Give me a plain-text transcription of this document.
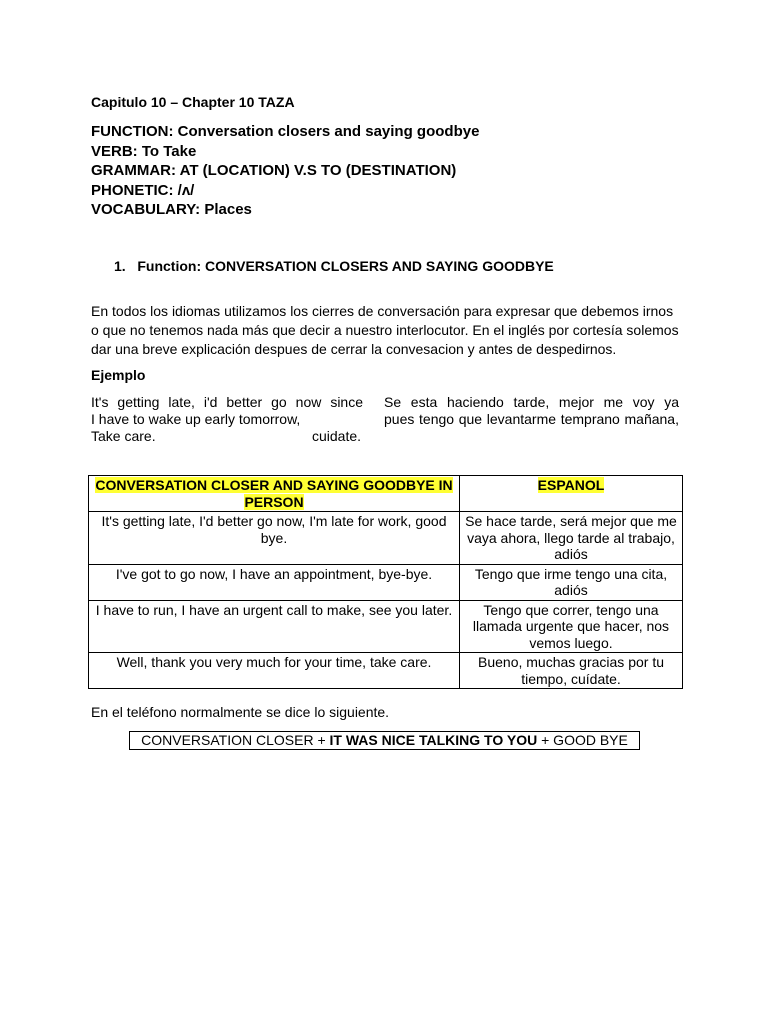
Capitulo 10 – Chapter 10 TAZA
FUNCTION: Conversation closers and saying goodbye
VERB: To Take
GRAMMAR: AT (LOCATION) V.S TO (DESTINATION)
PHONETIC: /ʌ/
VOCABULARY: Places
1. Function: CONVERSATION CLOSERS AND SAYING GOODBYE
En todos los idiomas utilizamos los cierres de conversación para expresar que debemos irnos o que no tenemos nada más que decir a nuestro interlocutor. En el inglés por cortesía solemos dar una breve explicación despues de cerrar la convesacion y antes de despedirnos.
Ejemplo
It's getting late, i'd better go now since
I have to wake up early tomorrow,
Take care.
Se esta haciendo tarde, mejor me voy ya
pues tengo que levantarme temprano mañana,
cuidate.
CONVERSATION CLOSER AND SAYING GOODBYE IN PERSON	ESPANOL
It's getting late, I'd better go now, I'm late for work, good bye.	Se hace tarde, será mejor que me vaya ahora, llego tarde al trabajo, adiós
I've got to go now, I have an appointment, bye-bye.	Tengo que irme tengo una cita, adiós
I have to run, I have an urgent call to make, see you later.	Tengo que correr, tengo una llamada urgente que hacer, nos vemos luego.
Well, thank you very much for your time, take care.	Bueno, muchas gracias por tu tiempo, cuídate.
En el teléfono normalmente se dice lo siguiente.
CONVERSATION CLOSER + IT WAS NICE TALKING TO YOU + GOOD BYE
